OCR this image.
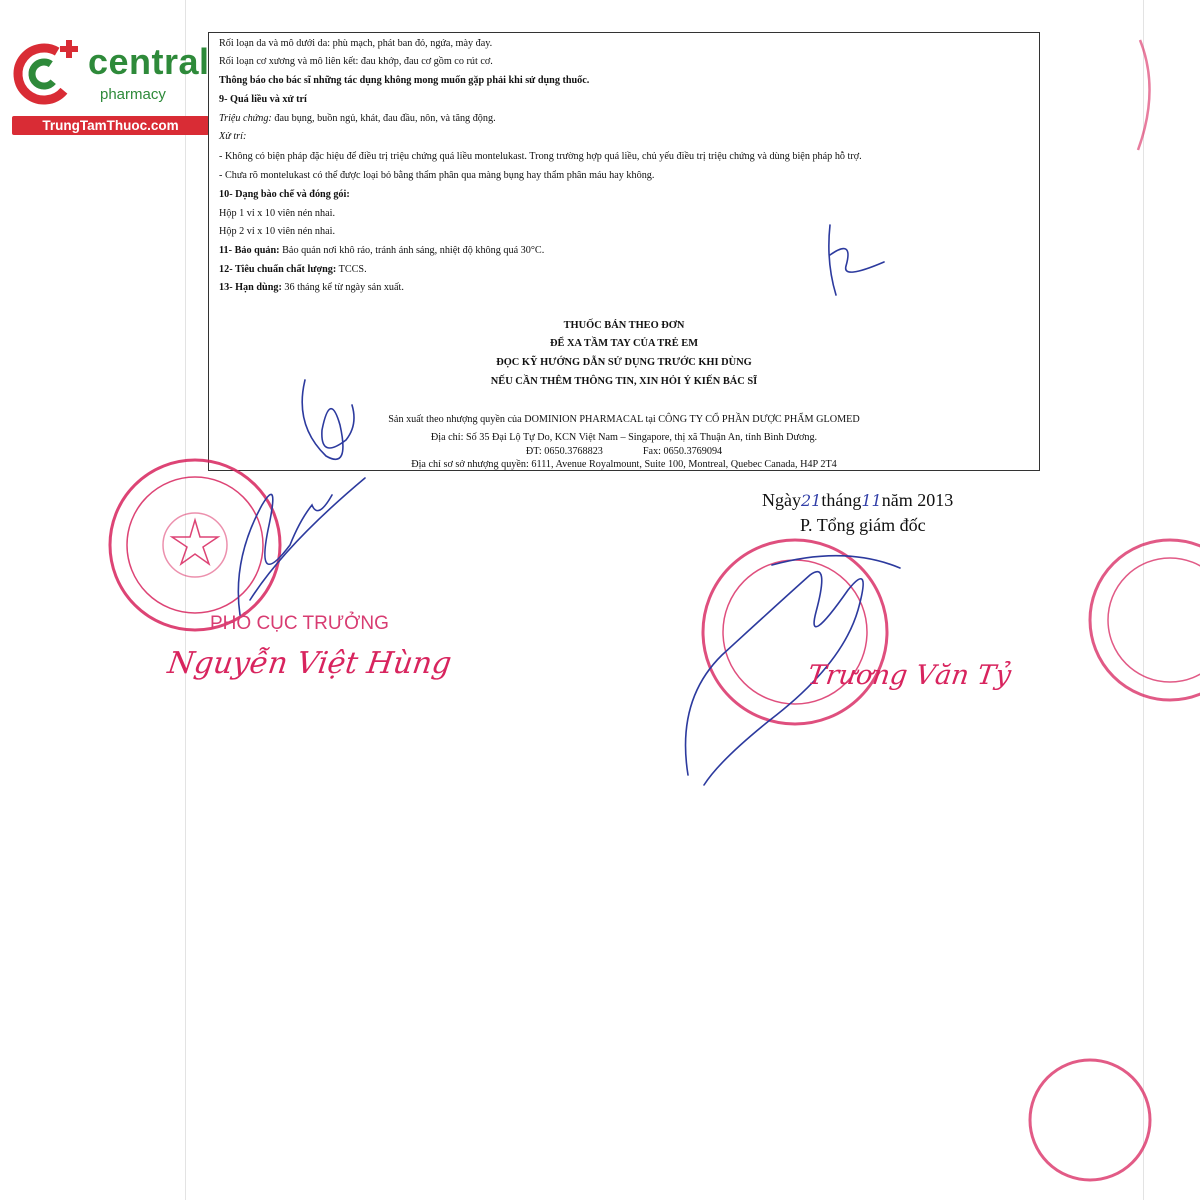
central
pharmacy
TrungTamThuoc.com
Rối loạn da và mô dưới da: phù mạch, phát ban đỏ, ngứa, mày đay.
Rối loạn cơ xương và mô liên kết: đau khớp, đau cơ gồm co rút cơ.
Thông báo cho bác sĩ những tác dụng không mong muốn gặp phải khi sử dụng thuốc.
9- Quá liều và xử trí
Triệu chứng: đau bụng, buồn ngủ, khát, đau đầu, nôn, và tăng động.
Xử trí:
- Không có biện pháp đặc hiệu để điều trị triệu chứng quá liều montelukast. Trong trường hợp quá liều, chủ yếu điều trị triệu chứng và dùng biện pháp hỗ trợ.
- Chưa rõ montelukast có thể được loại bỏ bằng thẩm phân qua màng bụng hay thẩm phân máu hay không.
10- Dạng bào chế và đóng gói:
Hộp 1 vỉ x 10 viên nén nhai.
Hộp 2 vỉ x 10 viên nén nhai.
11- Bảo quản: Bảo quản nơi khô ráo, tránh ánh sáng, nhiệt độ không quá 30°C.
12- Tiêu chuẩn chất lượng: TCCS.
13- Hạn dùng: 36 tháng kể từ ngày sản xuất.
THUỐC BÁN THEO ĐƠN
ĐỂ XA TẦM TAY CỦA TRẺ EM
ĐỌC KỸ HƯỚNG DẪN SỬ DỤNG TRƯỚC KHI DÙNG
NẾU CẦN THÊM THÔNG TIN, XIN HỎI Ý KIẾN BÁC SĨ
Sản xuất theo nhượng quyền của DOMINION PHARMACAL tại CÔNG TY CỔ PHẦN DƯỢC PHẨM GLOMED
Địa chỉ: Số 35 Đại Lộ Tự Do, KCN Việt Nam – Singapore, thị xã Thuận An, tỉnh Bình Dương.
ĐT: 0650.3768823	Fax: 0650.3769094
Địa chỉ sơ sở nhượng quyền: 6111, Avenue Royalmount, Suite 100, Montreal, Quebec Canada, H4P 2T4
Ngày21tháng11năm 2013
P. Tổng giám đốc
PHÓ CỤC TRƯỞNG
Nguyễn Việt Hùng	Trương Văn Tỷ
